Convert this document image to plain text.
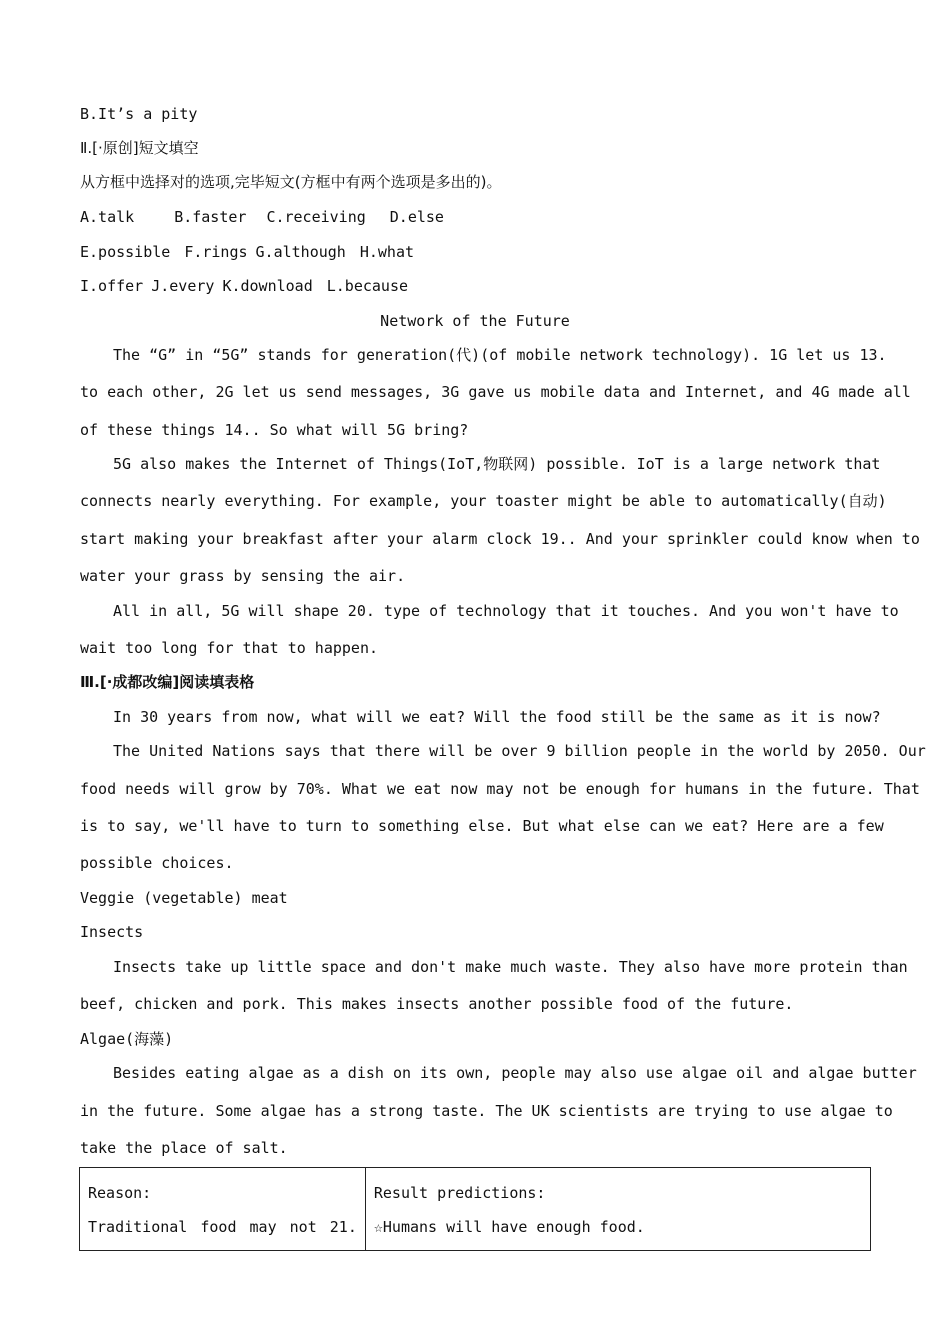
B.It’s a pity
Ⅱ.[·原创]短文填空
从方框中选择对的选项,完毕短文(方框中有两个选项是多出的)。
A.talk	B.faster C.receiving D.else
E.possible F.rings G.although H.what
I.offer J.every K.download L.because
Network of the Future
The “G” in “5G” stands for generation(代)(of mobile network technology). 1G let us 13.
to each other, 2G let us send messages, 3G gave us mobile data and Internet, and 4G made all
of these things 14.. So what will 5G bring?
5G also makes the Internet of Things(IoT,物联网) possible. IoT is a large network that
connects nearly everything. For example, your toaster might be able to automatically(自动)
start making your breakfast after your alarm clock 19.. And your sprinkler could know when to
water your grass by sensing the air.
All in all, 5G will shape 20. type of technology that it touches. And you won't have to
wait too long for that to happen.
Ⅲ.[·成都改编]阅读填表格
In 30 years from now, what will we eat? Will the food still be the same as it is now?
The United Nations says that there will be over 9 billion people in the world by 2050. Our
food needs will grow by 70%. What we eat now may not be enough for humans in the future. That
is to say, we'll have to turn to something else. But what else can we eat? Here are a few
possible choices.
Veggie (vegetable) meat
Insects
Insects take up little space and don't make much waste. They also have more protein than
beef, chicken and pork. This makes insects another possible food of the future.
Algae(海藻)
Besides eating algae as a dish on its own, people may also use algae oil and algae butter
in the future. Some algae has a strong taste. The UK scientists are trying to use algae to
take the place of salt.
Reason:
Traditional food may not 21.

Result predictions:
☆Humans will have enough food.
